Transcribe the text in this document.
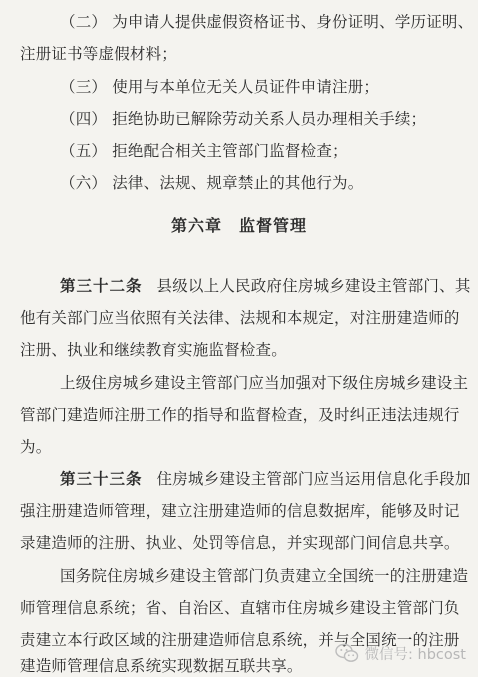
（二） 为申请人提供虚假资格证书、身份证明、学历证明、
注册证书等虚假材料；
（三） 使用与本单位无关人员证件申请注册；
（四） 拒绝协助已解除劳动关系人员办理相关手续；
（五） 拒绝配合相关主管部门监督检查；
（六） 法律、法规、规章禁止的其他行为。
第六章　监督管理
第三十二条 县级以上人民政府住房城乡建设主管部门、其
他有关部门应当依照有关法律、法规和本规定，对注册建造师的
注册、执业和继续教育实施监督检查。
上级住房城乡建设主管部门应当加强对下级住房城乡建设主
管部门建造师注册工作的指导和监督检查，及时纠正违法违规行
为。
第三十三条 住房城乡建设主管部门应当运用信息化手段加
强注册建造师管理，建立注册建造师的信息数据库，能够及时记
录建造师的注册、执业、处罚等信息，并实现部门间信息共享。
国务院住房城乡建设主管部门负责建立全国统一的注册建造
师管理信息系统；省、自治区、直辖市住房城乡建设主管部门负
责建立本行政区域的注册建造师信息系统，并与全国统一的注册
建造师管理信息系统实现数据互联共享。
微信号: hbcost
